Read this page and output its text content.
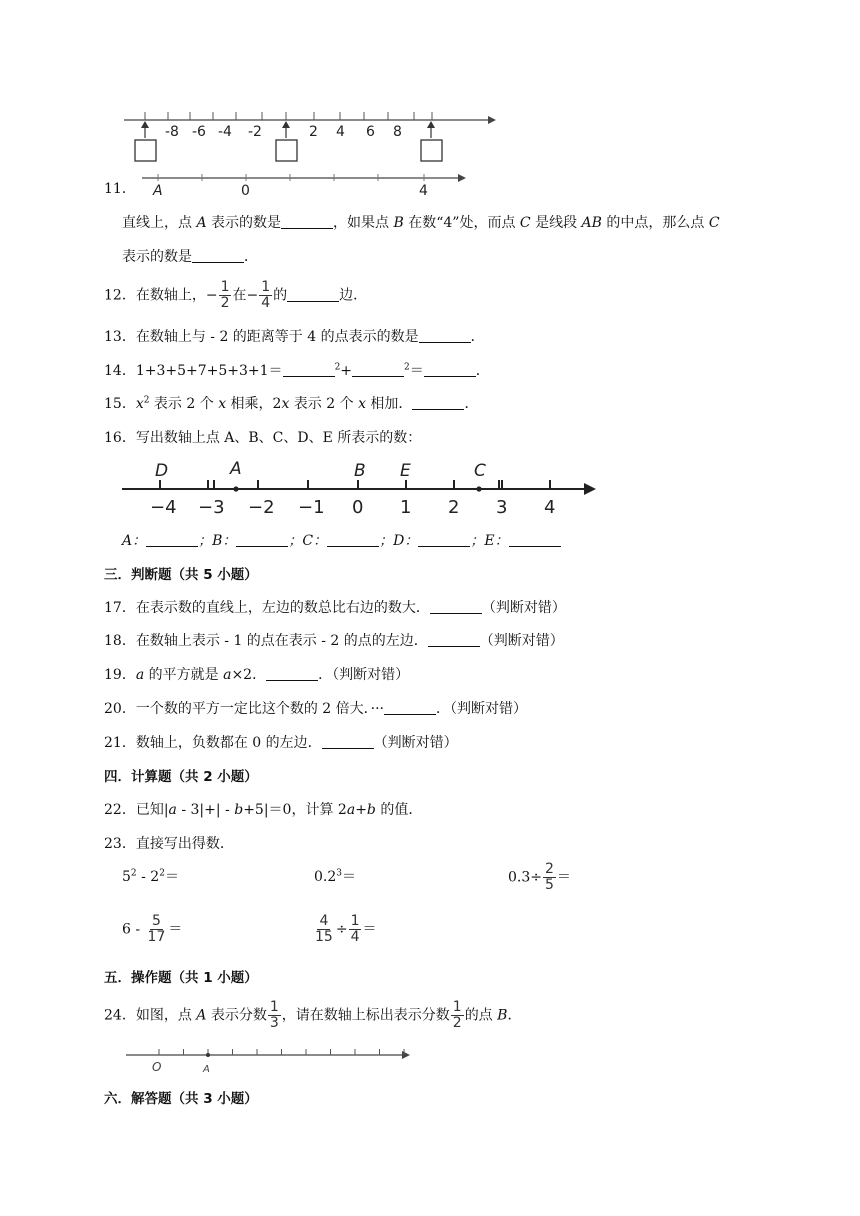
-8 -6 -4 -2	2 4 6 8
11． A	0	4
直线上，点 A 表示的数是	，如果点 B 在数“4”处，而点 C 是线段 AB 的中点，那么点 C
表示的数是	．
12．在数轴上，− $\frac{1}{2}$ 在− $\frac{1}{4}$ 的	边．
13．在数轴上与 - 2 的距离等于 4 的点表示的数是	．
14．1+3+5+7+5+3+1＝	$^2$+	$^2$＝	．
15．$x^2$ 表示 2 个 x 相乘，2x 表示 2 个 x 相加．	．
16．写出数轴上点 A、B、C、D、E 所表示的数：
−4 −3 −2 −1 0 1 2 3 4
D	A	B E	C
A：	；B：	；C：	；D：	；E：
三．判断题（共 5 小题）
17．在表示数的直线上，左边的数总比右边的数大．	（判断对错）
18．在数轴上表示 - 1 的点在表示 - 2 的点的左边．	（判断对错）
19．a 的平方就是 a×2．	．（判断对错）
20．一个数的平方一定比这个数的 2 倍大．···	．（判断对错）
21．数轴上，负数都在 0 的左边．	（判断对错）
四．计算题（共 2 小题）
22．已知|a - 3|+| - b+5|＝0，计算 2a+b 的值．
23．直接写出得数．
$5^2 - 2^2=$	$0.2^3=$	$0.3\div \frac{2}{5}$ ＝
$6 - \frac{5}{17}$ ＝	$\frac{4}{15} \div \frac{1}{4}$ ＝
五．操作题（共 1 小题）
24．如图，点 A 表示分数 $\frac{1}{3}$ ，请在数轴上标出表示分数 $\frac{1}{2}$ 的点 B．
O	A
六．解答题（共 3 小题）
